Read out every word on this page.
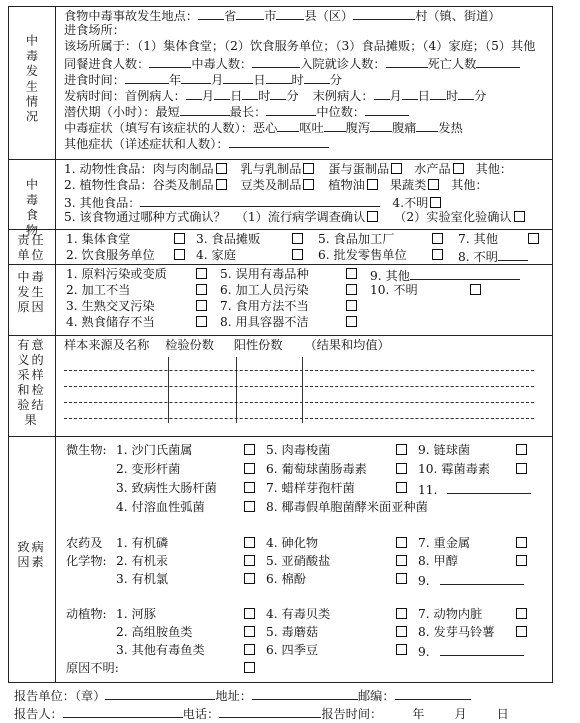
中毒发生情况
食物中毒事故发生地点： 省 市 县（区）	村（镇、街道）
进食场所：
该场所属于：（1）集体食堂；（2）饮食服务单位；（3）食品摊贩；（4）家庭；（5）其他
同餐进食人数：	中毒人数：	入院就诊人数：	死亡人数
进食时间：	年 月 日 时 分
发病时间：首例病人： 月 日 时 分 末例病人： 月 日 时 分
潜伏期（小时）：最短	最长：	中位数：
中毒症状（填写有该症状的人数）：恶心 呕吐 腹泻 腹痛 发热
其他症状（详述症状和人数）：
中毒食物
1. 动物性食品：肉与肉制品 乳与乳制品 蛋与蛋制品 水产品 其他：
2. 植物性食品：谷类及制品 豆类及制品 植物油 果蔬类 其他：
3. 其他食品：	4.不明
5. 该食物通过哪种方式确认？ （1）流行病学调查确认 （2）实验室化验确认
责任单位
1. 集体食堂	3. 食品摊贩	5. 食品加工厂	7. 其他
2. 饮食服务单位	4. 家庭	6. 批发零售单位	8. 不明
中毒发生原因
1. 原料污染或变质	5. 误用有毒品种	9. 其他
2. 加工不当	6. 加工人员污染	10. 不明
3. 生熟交叉污染	7. 食用方法不当
4. 熟食储存不当	8. 用具容器不洁
有意义的采样和检验结果
样本来源及名称 检验份数 阳性份数 （结果和均值）
致病因素
微生物: 1. 沙门氏菌属	5. 肉毒梭菌	9. 链球菌
2. 变形杆菌	6. 葡萄球菌肠毒素	10. 霉菌毒素
3. 致病性大肠杆菌	7. 蜡样芽孢杆菌	11.
4. 付溶血性弧菌	8. 椰毒假单胞菌酵米面亚种菌
农药及
化学物:
1. 有机磷	4. 砷化物	7. 重金属
2. 有机汞	5. 亚硝酸盐	8. 甲醇
3. 有机氯	6. 棉酚	9.
动植物: 1. 河豚	4. 有毒贝类	7. 动物内脏
2. 高组胺鱼类	5. 毒蘑菇	8. 发芽马铃薯
3. 其他有毒鱼类	6. 四季豆	9.
原因不明:
报告单位：（章）	地址：	邮编：
报告人：	电话：	报告时间： 年 月 日
